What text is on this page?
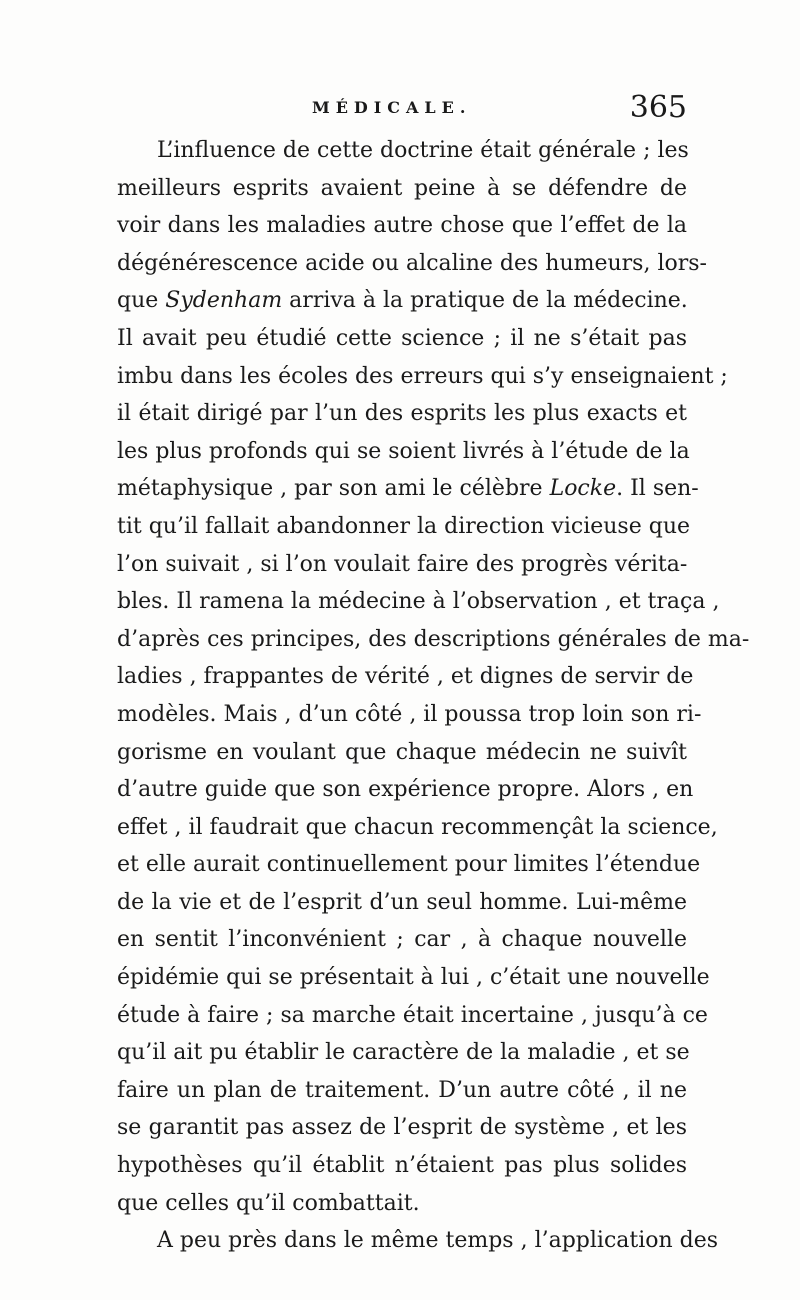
MÉDICALE.	365
L’influence de cette doctrine était générale ; les
meilleurs esprits avaient peine à se défendre de
voir dans les maladies autre chose que l’effet de la
dégénérescence acide ou alcaline des humeurs, lors-
que Sydenham arriva à la pratique de la médecine.
Il avait peu étudié cette science ; il ne s’était pas
imbu dans les écoles des erreurs qui s’y enseignaient ;
il était dirigé par l’un des esprits les plus exacts et
les plus profonds qui se soient livrés à l’étude de la
métaphysique , par son ami le célèbre Locke. Il sen-
tit qu’il fallait abandonner la direction vicieuse que
l’on suivait , si l’on voulait faire des progrès vérita-
bles. Il ramena la médecine à l’observation , et traça ,
d’après ces principes, des descriptions générales de ma-
ladies , frappantes de vérité , et dignes de servir de
modèles. Mais , d’un côté , il poussa trop loin son ri-
gorisme en voulant que chaque médecin ne suivît
d’autre guide que son expérience propre. Alors , en
effet , il faudrait que chacun recommençât la science,
et elle aurait continuellement pour limites l’étendue
de la vie et de l’esprit d’un seul homme. Lui-même
en sentit l’inconvénient ; car , à chaque nouvelle
épidémie qui se présentait à lui , c’était une nouvelle
étude à faire ; sa marche était incertaine , jusqu’à ce
qu’il ait pu établir le caractère de la maladie , et se
faire un plan de traitement. D’un autre côté , il ne
se garantit pas assez de l’esprit de système , et les
hypothèses qu’il établit n’étaient pas plus solides
que celles qu’il combattait.
A peu près dans le même temps , l’application des
